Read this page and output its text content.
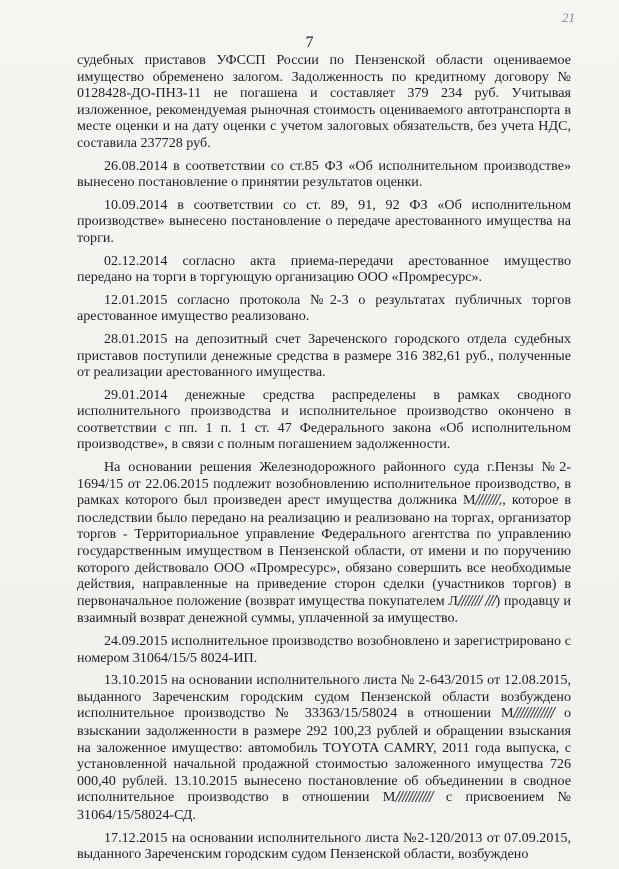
21
7

судебных приставов УФССП России по Пензенской области оцениваемое имущество обременено залогом. Задолженность по кредитному договору № 0128428-ДО-ПНЗ-11 не погашена и составляет 379 234 руб. Учитывая изложенное, рекомендуемая рыночная стоимость оцениваемого автотранспорта в месте оценки и на дату оценки с учетом залоговых обязательств, без учета НДС, составила 237728 руб.

26.08.2014 в соответствии со ст.85 ФЗ «Об исполнительном производстве» вынесено постановление о принятии результатов оценки.

10.09.2014 в соответствии со ст. 89, 91, 92 ФЗ «Об исполнительном производстве» вынесено постановление о передаче арестованного имущества на торги.

02.12.2014 согласно акта приема-передачи арестованное имущество передано на торги в торгующую организацию ООО «Промресурс».

12.01.2015 согласно протокола №2-3 о результатах публичных торгов арестованное имущество реализовано.

28.01.2015 на депозитный счет Зареченского городского отдела судебных приставов поступили денежные средства в размере 316 382,61 руб., полученные от реализации арестованного имущества.

29.01.2014 денежные средства распределены в рамках сводного исполнительного производства и исполнительное производство окончено в соответствии с пп. 1 п. 1 ст. 47 Федерального закона «Об исполнительном производстве», в связи с полным погашением задолженности.

На основании решения Железнодорожного районного суда г.Пензы №2-1694/15 от 22.06.2015 подлежит возобновлению исполнительное производство, в рамках которого был произведен арест имущества должника М///////,, которое в последствии было передано на реализацию и реализовано на торгах, организатор торгов - Территориальное управление Федерального агентства по управлению государственным имуществом в Пензенской области, от имени и по поручению которого действовало ООО «Промресурс», обязано совершить все необходимые действия, направленные на приведение сторон сделки (участников торгов) в первоначальное положение (возврат имущества покупателем Л/////// ///) продавцу и взаимный возврат денежной суммы, уплаченной за имущество.

24.09.2015 исполнительное производство возобновлено и зарегистрировано с номером 31064/15/5 8024-ИП.

13.10.2015 на основании исполнительного листа № 2-643/2015 от 12.08.2015, выданного Зареченским городским судом Пензенской области возбуждено исполнительное производство № 33363/15/58024 в отношении М//////////// о взыскании задолженности в размере 292 100,23 рублей и обращении взыскания на заложенное имущество: автомобиль TOYOTA CAMRY, 2011 года выпуска, с установленной начальной продажной стоимостью заложенного имущества 726 000,40 рублей. 13.10.2015 вынесено постановление об объединении в сводное исполнительное производство в отношении М/////////// с присвоением № 31064/15/58024-СД.

17.12.2015 на основании исполнительного листа №2-120/2013 от 07.09.2015, выданного Зареченским городским судом Пензенской области, возбуждено
